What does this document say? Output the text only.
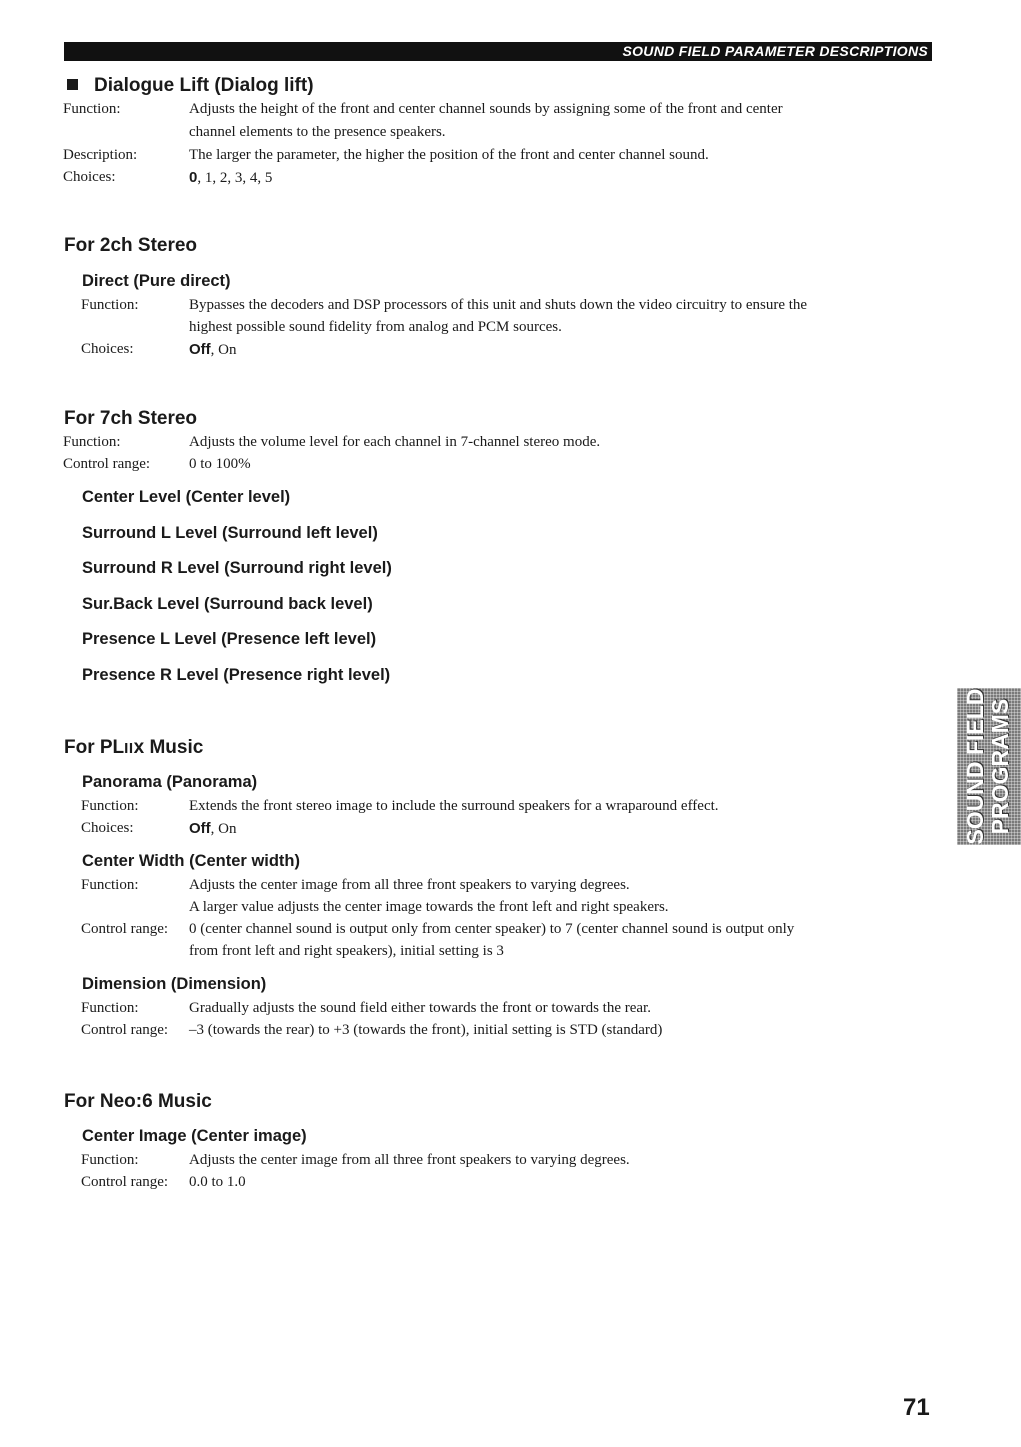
SOUND FIELD PARAMETER DESCRIPTIONS
Dialogue Lift (Dialog lift)
Function:	Adjusts the height of the front and center channel sounds by assigning some of the front and center
channel elements to the presence speakers.
Description:	The larger the parameter, the higher the position of the front and center channel sound.
Choices:	0, 1, 2, 3, 4, 5
For 2ch Stereo
Direct (Pure direct)
Function:	Bypasses the decoders and DSP processors of this unit and shuts down the video circuitry to ensure the
highest possible sound fidelity from analog and PCM sources.
Choices:	Off, On
For 7ch Stereo
Function:	Adjusts the volume level for each channel in 7-channel stereo mode.
Control range:	0 to 100%
Center Level (Center level)
Surround L Level (Surround left level)
Surround R Level (Surround right level)
Sur.Back Level (Surround back level)
Presence L Level (Presence left level)
Presence R Level (Presence right level)
For PLIIx Music
Panorama (Panorama)
Function:	Extends the front stereo image to include the surround speakers for a wraparound effect.
Choices:	Off, On
Center Width (Center width)
Function:	Adjusts the center image from all three front speakers to varying degrees.
A larger value adjusts the center image towards the front left and right speakers.
Control range: 0 (center channel sound is output only from center speaker) to 7 (center channel sound is output only
from front left and right speakers), initial setting is 3
Dimension (Dimension)
Function:	Gradually adjusts the sound field either towards the front or towards the rear.
Control range: –3 (towards the rear) to +3 (towards the front), initial setting is STD (standard)
For Neo:6 Music
Center Image (Center image)
Function:	Adjusts the center image from all three front speakers to varying degrees.
Control range: 0.0 to 1.0
SOUND FIELD PROGRAMS
71
